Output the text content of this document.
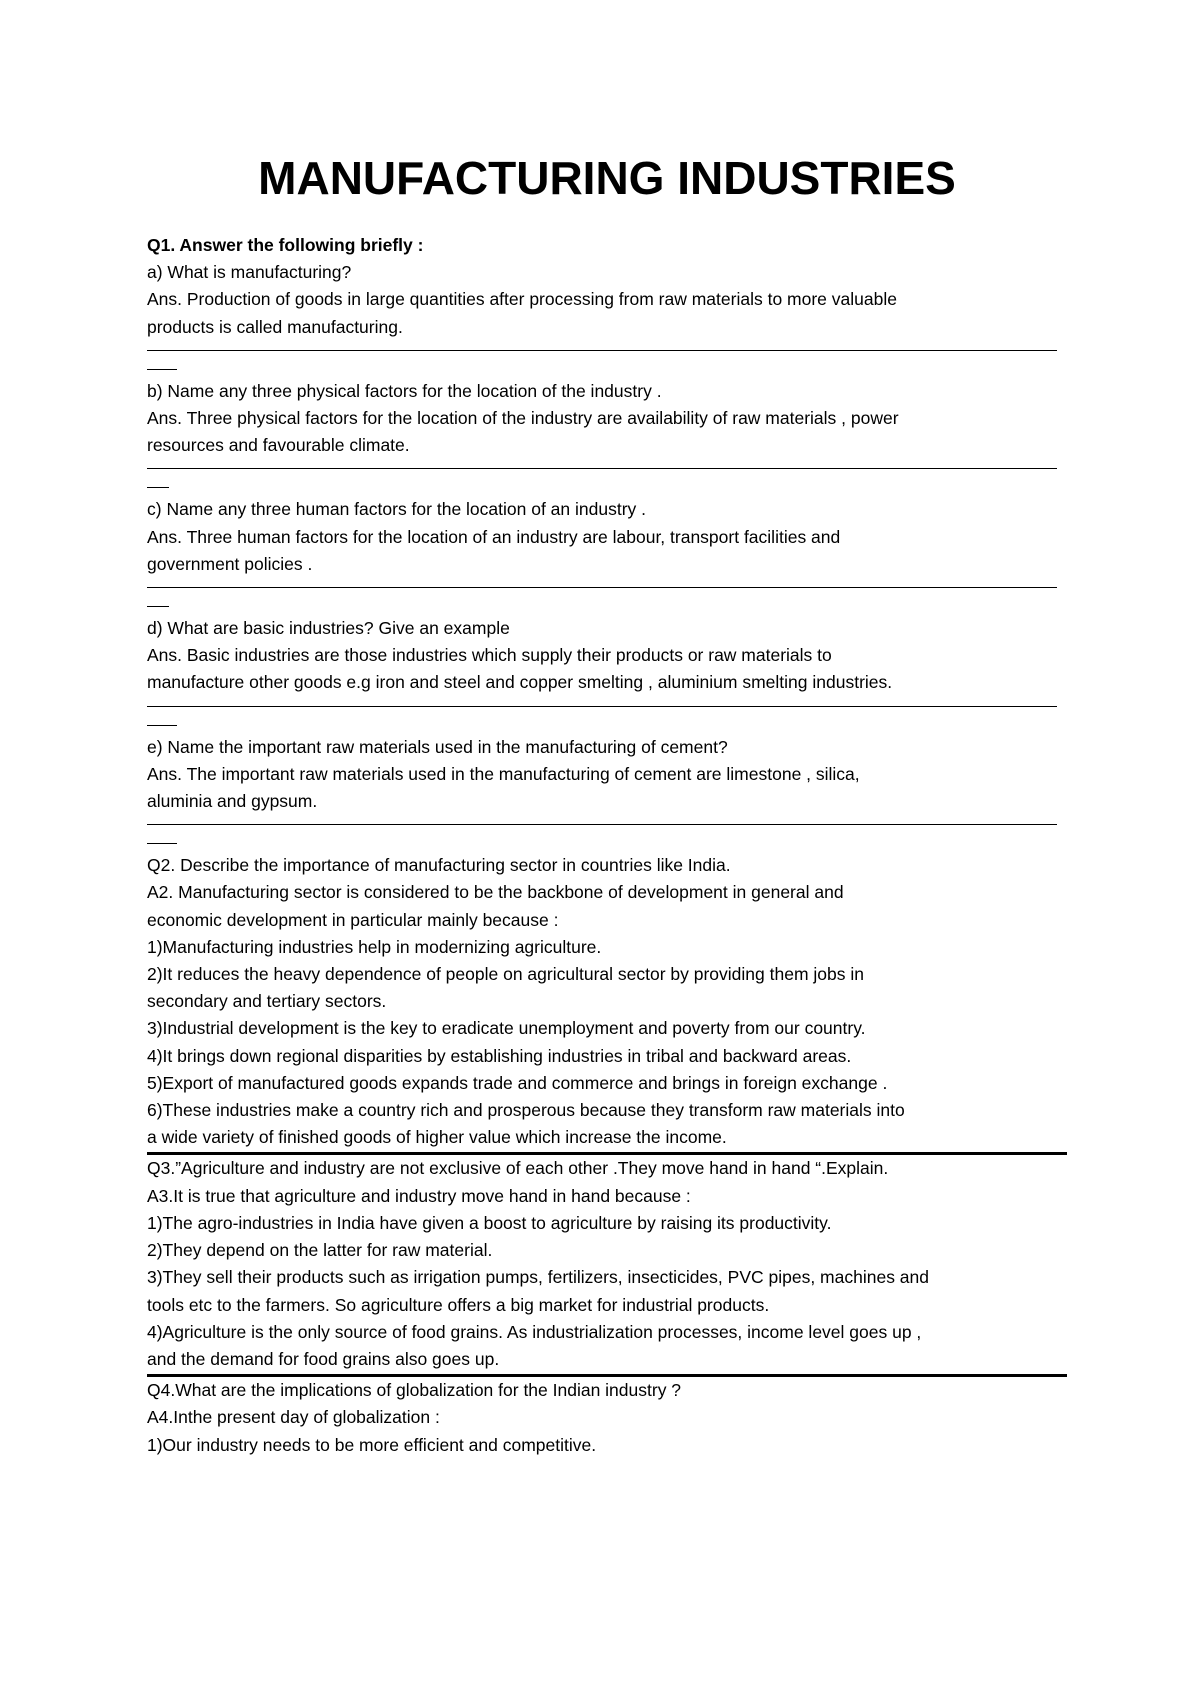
MANUFACTURING INDUSTRIES
Q1. Answer the following briefly :
a) What is manufacturing?
Ans. Production of goods in large quantities after processing from raw materials to more valuable
products is called manufacturing.
b) Name any three physical factors for the location of the industry .
Ans. Three physical factors for the location of the industry are availability of raw materials , power
resources and favourable climate.
c) Name any three human factors for the location of an industry .
Ans. Three human factors for the location of an industry are labour, transport facilities and
government policies .
d) What are basic industries? Give an example
Ans. Basic industries are those industries which supply their products or raw materials to
manufacture other goods e.g iron and steel and copper smelting , aluminium smelting industries.
e) Name the important raw materials used in the manufacturing of cement?
Ans. The important raw materials used in the manufacturing of cement are limestone , silica,
aluminia and gypsum.
Q2. Describe the importance of manufacturing sector in countries like India.
A2. Manufacturing sector is considered to be the backbone of development in general and
economic development in particular mainly because :
1)Manufacturing industries help in modernizing agriculture.
2)It reduces the heavy dependence of people on agricultural sector by providing them jobs in
secondary and tertiary sectors.
3)Industrial development is the key to eradicate unemployment and poverty from our country.
4)It brings down regional disparities by establishing industries in tribal and backward areas.
5)Export of manufactured goods expands trade and commerce and brings in foreign exchange .
6)These industries make a country rich and prosperous because they transform raw materials into
a wide variety of finished goods of higher value which increase the income.
Q3.”Agriculture and industry are not exclusive of each other .They move hand in hand “.Explain.
A3.It is true that agriculture and industry move hand in hand because :
1)The agro-industries in India have given a boost to agriculture by raising its productivity.
2)They depend on the latter for raw material.
3)They sell their products such as irrigation pumps, fertilizers, insecticides, PVC pipes, machines and
tools etc to the farmers. So agriculture offers a big market for industrial products.
4)Agriculture is the only source of food grains. As industrialization processes, income level goes up ,
and the demand for food grains also goes up.
Q4.What are the implications of globalization for the Indian industry ?
A4.Inthe present day of globalization :
1)Our industry needs to be more efficient and competitive.
